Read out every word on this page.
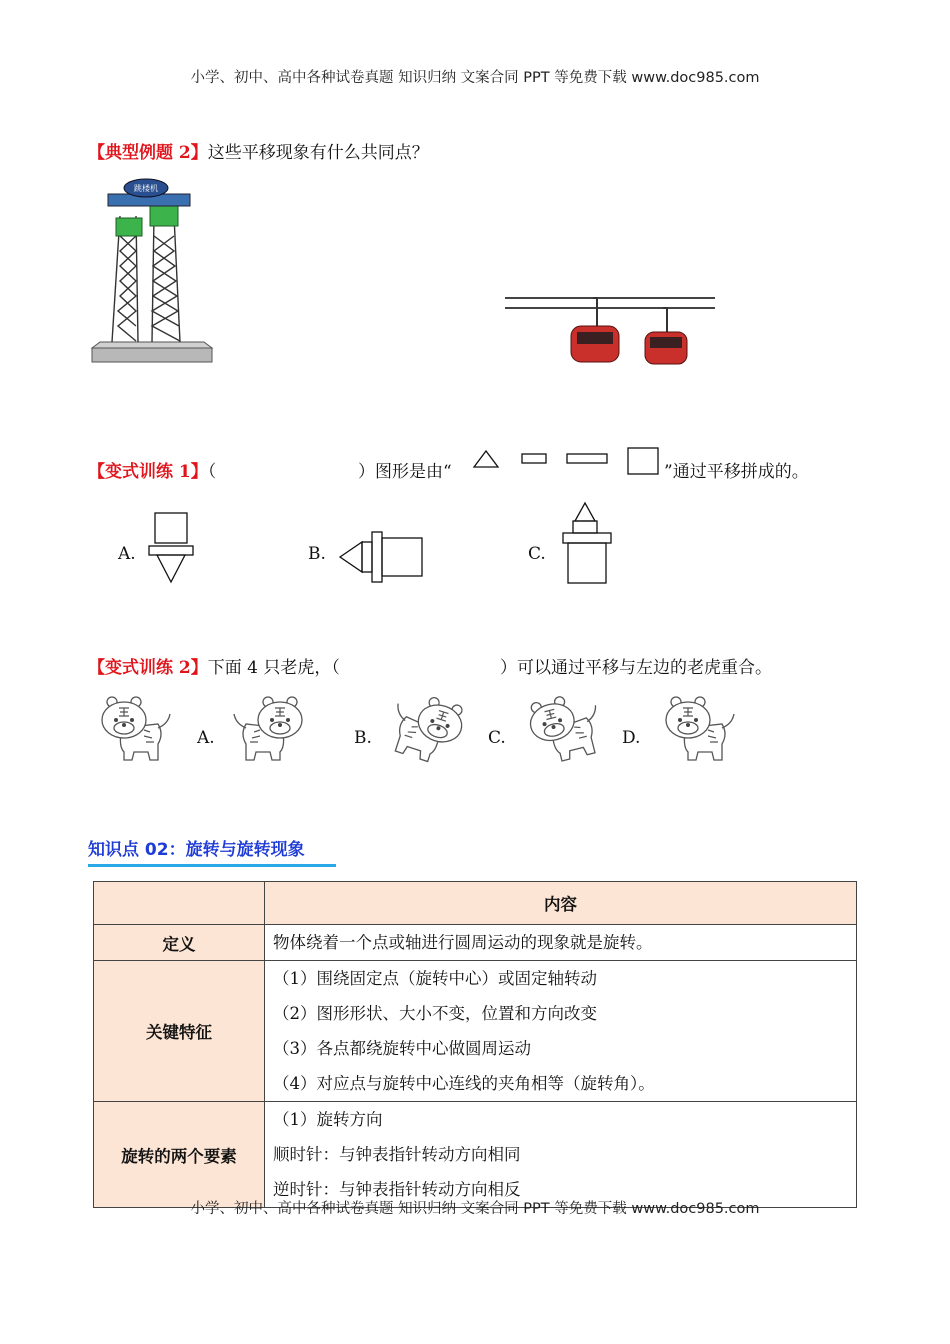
小学、初中、高中各种试卷真题 知识归纳 文案合同 PPT 等免费下载 www.doc985.com
【典型例题 2】这些平移现象有什么共同点？
跳楼机
【变式训练 1】（	）图形是由“	”通过平移拼成的。
A.	B.	C.
【变式训练 2】下面 4 只老虎，（	）可以通过平移与左边的老虎重合。
A.	B.	C.	D.
知识点 02：旋转与旋转现象
	内容
定义	物体绕着一个点或轴进行圆周运动的现象就是旋转。

关键特征	（1）围绕固定点（旋转中心）或固定轴转动
（2）图形形状、大小不变，位置和方向改变
（3）各点都绕旋转中心做圆周运动
（4）对应点与旋转中心连线的夹角相等（旋转角）。

旋转的两个要素	（1）旋转方向
顺时针：与钟表指针转动方向相同
逆时针：与钟表指针转动方向相反
小学、初中、高中各种试卷真题 知识归纳 文案合同 PPT 等免费下载 www.doc985.com
